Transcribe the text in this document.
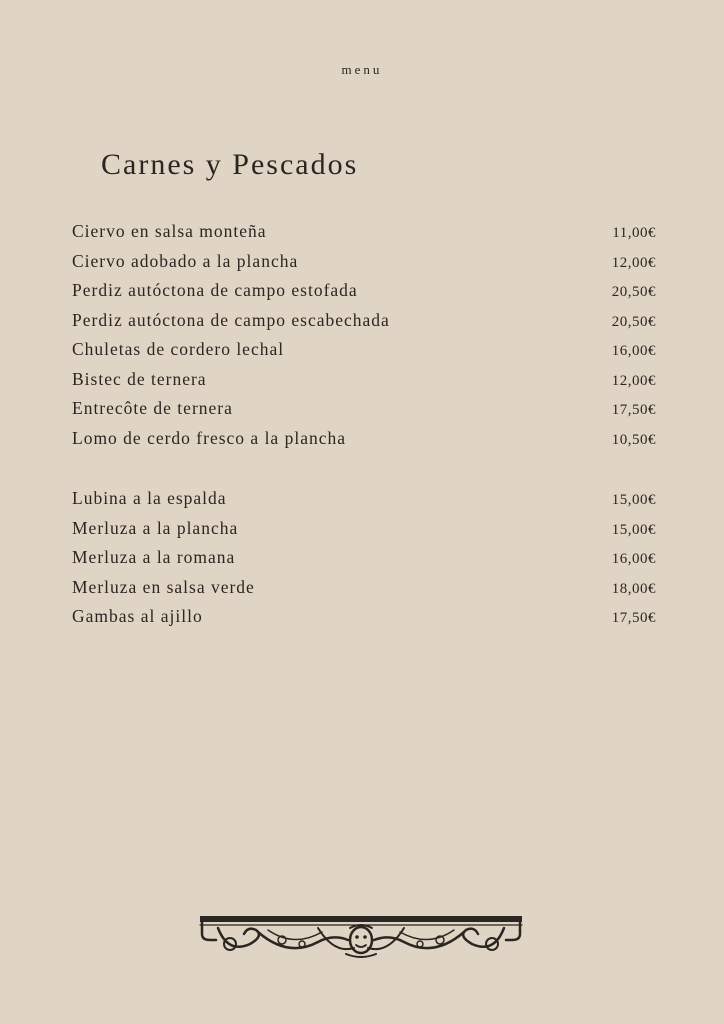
menu
Carnes y Pescados
Ciervo en salsa monteña	11,00€
Ciervo adobado a la plancha	12,00€
Perdiz autóctona de campo estofada	20,50€
Perdiz autóctona de campo escabechada	20,50€
Chuletas de cordero lechal	16,00€
Bistec de ternera	12,00€
Entrecôte de ternera	17,50€
Lomo de cerdo fresco a la plancha	10,50€
Lubina a la espalda	15,00€
Merluza a la plancha	15,00€
Merluza a la romana	16,00€
Merluza en salsa verde	18,00€
Gambas al ajillo	17,50€
